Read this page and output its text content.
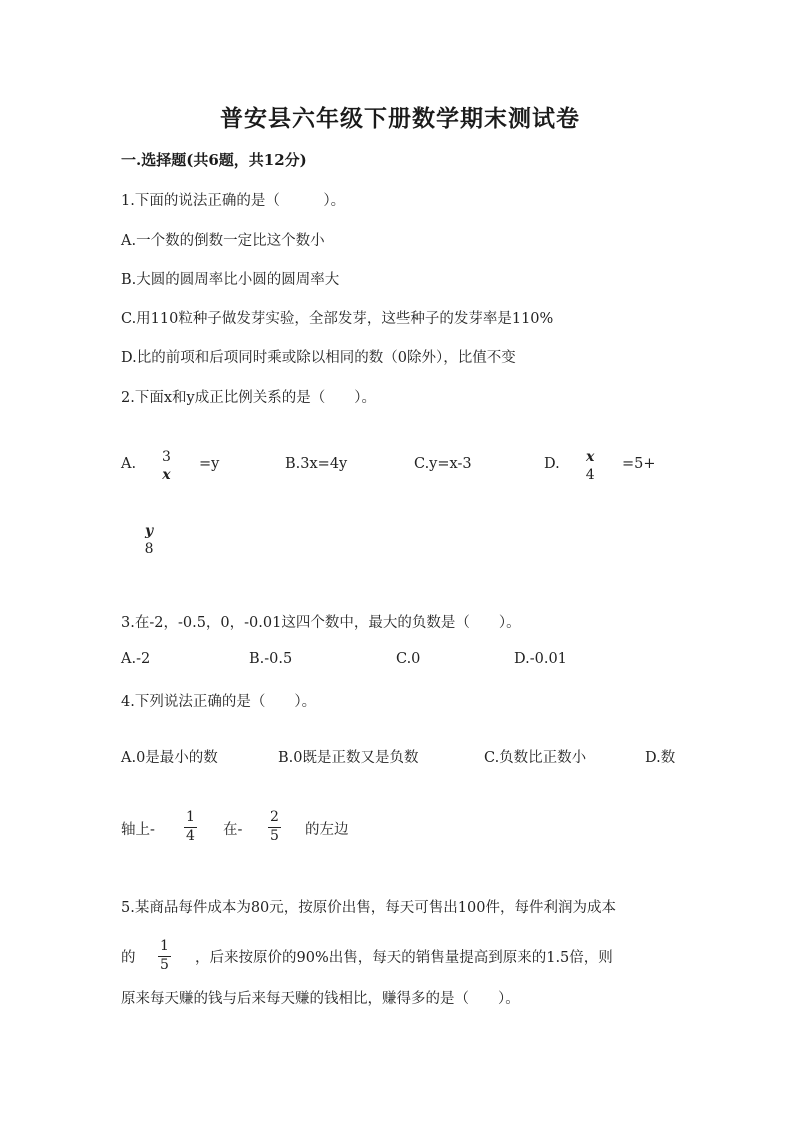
普安县六年级下册数学期末测试卷
一.选择题(共6题，共12分)
1.下面的说法正确的是（　　　）。
A.一个数的倒数一定比这个数小
B.大圆的圆周率比小圆的圆周率大
C.用110粒种子做发芽实验，全部发芽，这些种子的发芽率是110%
D.比的前项和后项同时乘或除以相同的数（0除外），比值不变
2.下面x和y成正比例关系的是（　　）。
A. 3
x
=y	B.3x=4y	C.y=x-3	D. x
4
=5+
y
8
3.在-2，-0.5，0，-0.01这四个数中，最大的负数是（　　）。
A.-2	B.-0.5	C.0	D.-0.01
4.下列说法正确的是（　　）。
A.0是最小的数	B.0既是正数又是负数	C.负数比正数小	D.数
轴上-
1
4 在-
2
5 的左边
5.某商品每件成本为80元，按原价出售，每天可售出100件，每件利润为成本
的
1
5 ，后来按原价的90%出售，每天的销售量提高到原来的1.5倍，则
原来每天赚的钱与后来每天赚的钱相比，赚得多的是（　　）。
